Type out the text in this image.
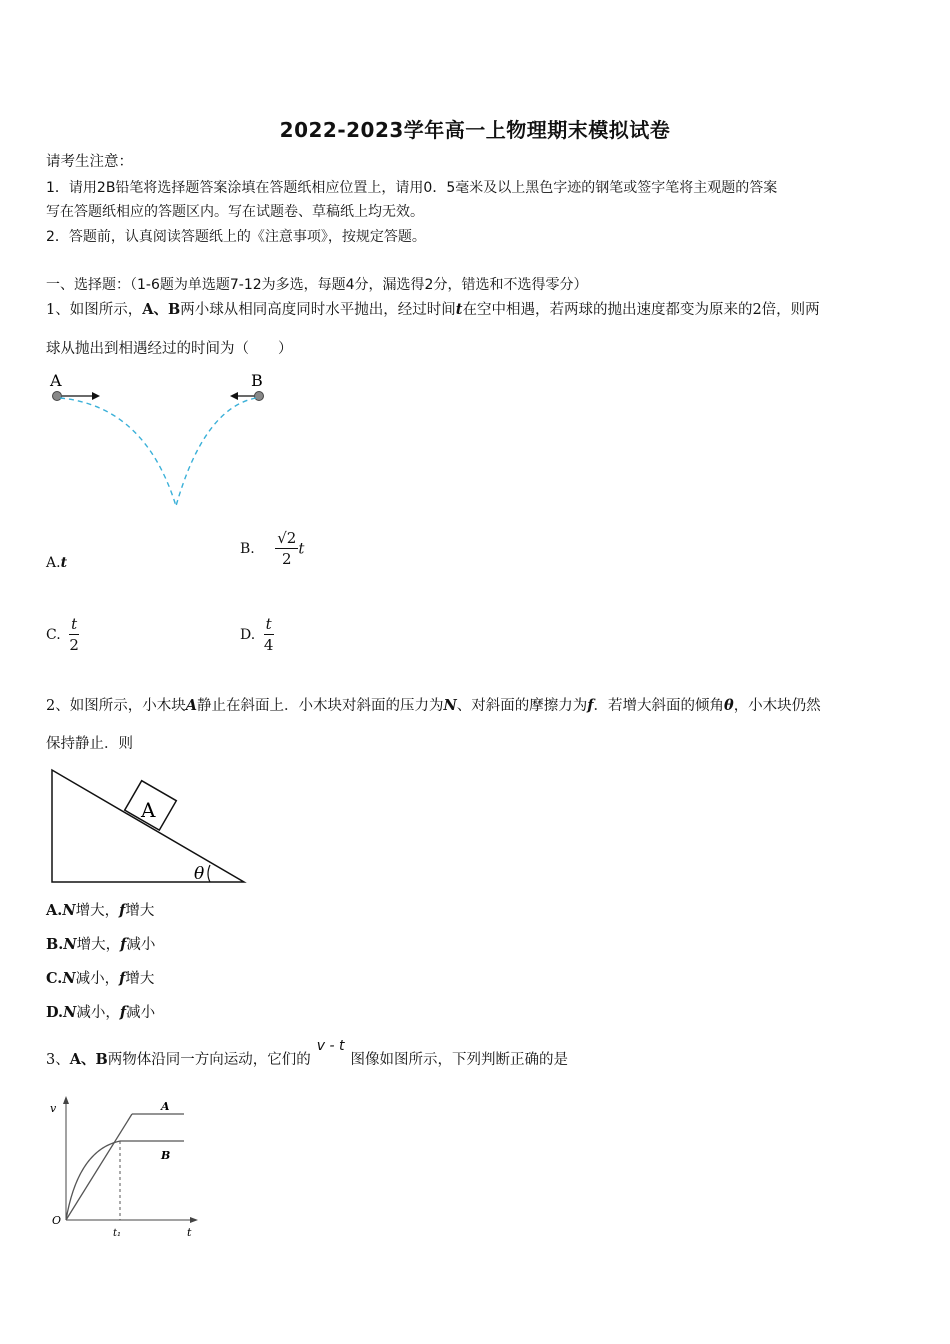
2022-2023学年高一上物理期末模拟试卷
请考生注意：
1．请用2B铅笔将选择题答案涂填在答题纸相应位置上，请用0．5毫米及以上黑色字迹的钢笔或签字笔将主观题的答案
写在答题纸相应的答题区内。写在试题卷、草稿纸上均无效。
2．答题前，认真阅读答题纸上的《注意事项》，按规定答题。
一、选择题：（1-6题为单选题7-12为多选，每题4分，漏选得2分，错选和不选得零分）
1、如图所示，A、B两小球从相同高度同时水平抛出，经过时间t在空中相遇，若两球的抛出速度都变为原来的2倍，则两
球从抛出到相遇经过的时间为（　　）
A	B
A.t
B. $\frac{√2}{2}$ t
C. $\frac{t}{2}$	D. $\frac{t}{4}$
2、如图所示，小木块A静止在斜面上．小木块对斜面的压力为N、对斜面的摩擦力为f．若增大斜面的倾角θ，小木块仍然
保持静止．则
A
θ
A.N增大，f增大
B.N增大，f减小
C.N减小，f增大
D.N减小，f减小
3、A、B两物体沿同一方向运动，它们的v - t图像如图所示，下列判断正确的是
v
t
O
t₁
A
B
